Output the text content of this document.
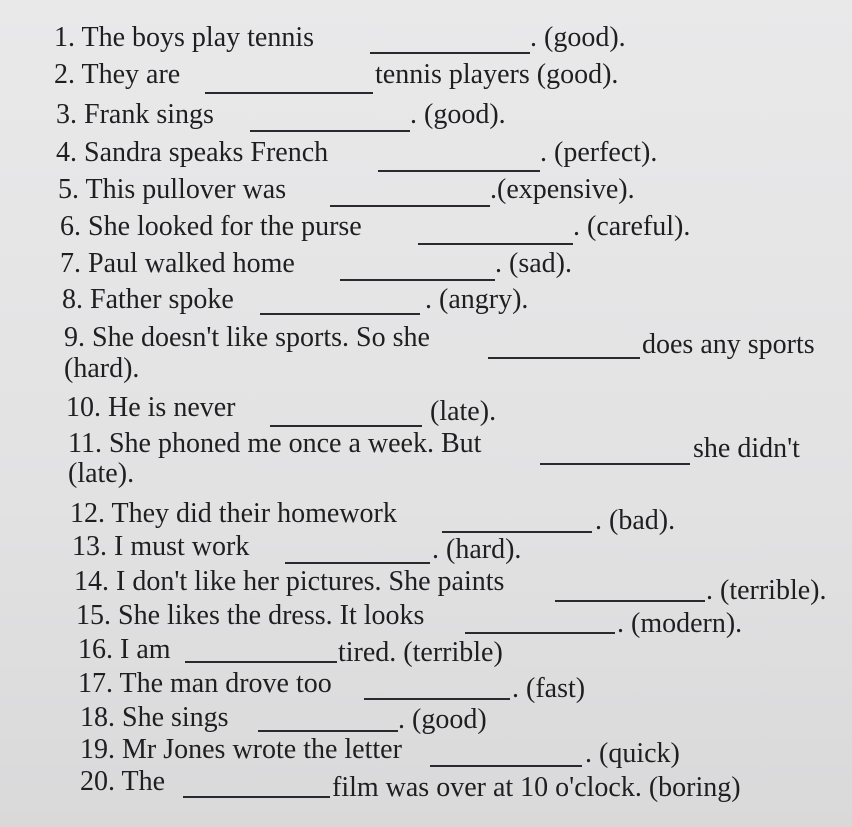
1. The boys play tennis	. (good).
2. They are	tennis players (good).
3. Frank sings	. (good).
4. Sandra speaks French	. (perfect).
5. This pullover was	.(expensive).
6. She looked for the purse	. (careful).
7. Paul walked home	. (sad).
8. Father spoke	. (angry).
9. She doesn't like sports. So she	does any sports
(hard).
10. He is never	(late).
11. She phoned me once a week. But	she didn't
(late).
12. They did their homework	. (bad).
13. I must work	. (hard).
14. I don't like her pictures. She paints	. (terrible).
15. She likes the dress. It looks	. (modern).
16. I am	tired. (terrible)
17. The man drove too	. (fast)
18. She sings	. (good)
19. Mr Jones wrote the letter	. (quick)
20. The	film was over at 10 o'clock. (boring)
